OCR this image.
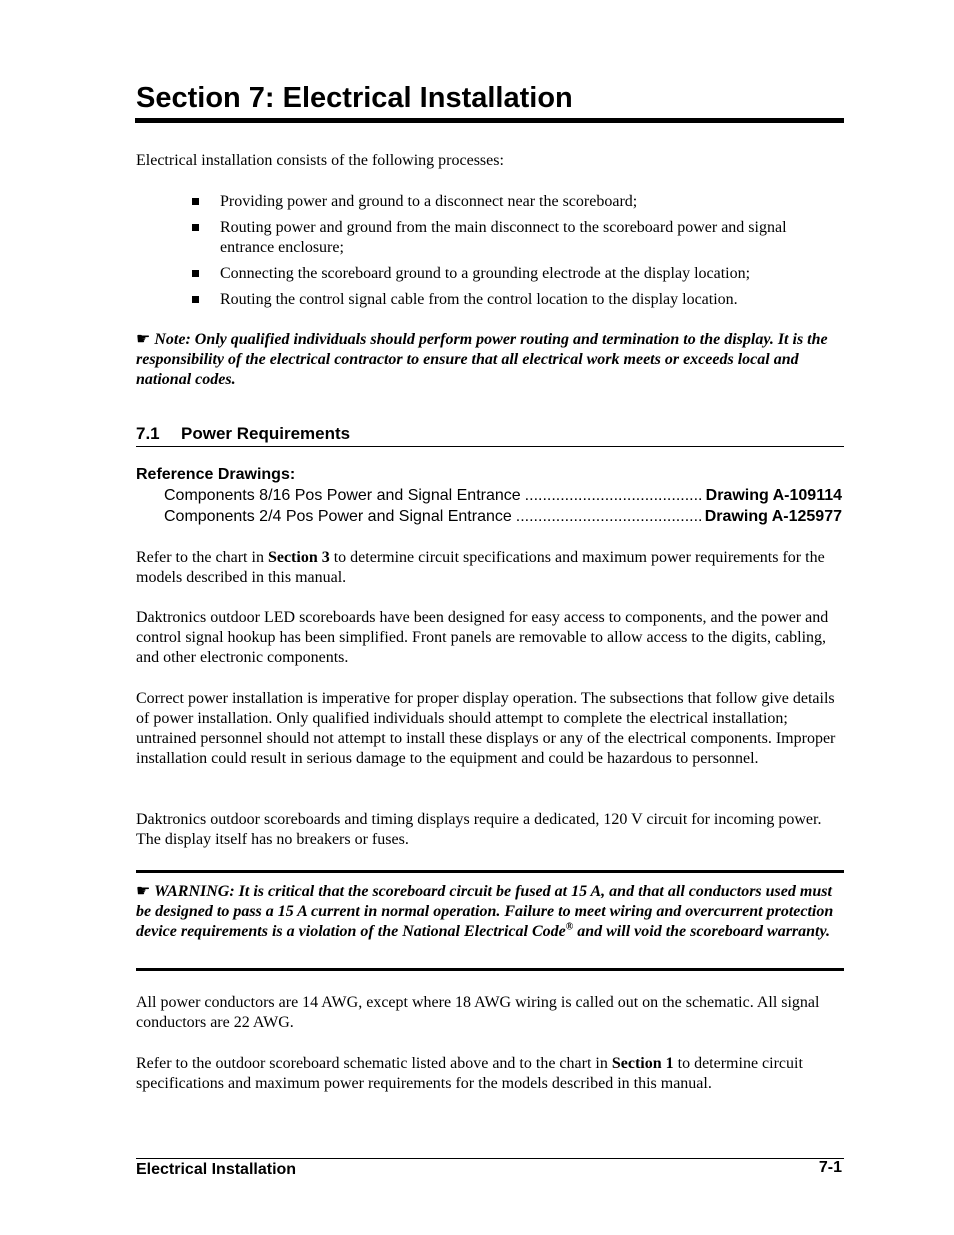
Section 7: Electrical Installation

Electrical installation consists of the following processes:

Providing power and ground to a disconnect near the scoreboard;
Routing power and ground from the main disconnect to the scoreboard power and signal entrance enclosure;
Connecting the scoreboard ground to a grounding electrode at the display location;
Routing the control signal cable from the control location to the display location.

☛ Note: Only qualified individuals should perform power routing and termination to the display. It is the responsibility of the electrical contractor to ensure that all electrical work meets or exceeds local and national codes.

7.1 Power Requirements
Reference Drawings:
Components 8/16 Pos Power and Signal Entrance .....	Drawing A-109114
Components 2/4 Pos Power and Signal Entrance .....	Drawing A-125977

Refer to the chart in Section 3 to determine circuit specifications and maximum power requirements for the models described in this manual.

Daktronics outdoor LED scoreboards have been designed for easy access to components, and the power and control signal hookup has been simplified. Front panels are removable to allow access to the digits, cabling, and other electronic components.

Correct power installation is imperative for proper display operation. The subsections that follow give details of power installation. Only qualified individuals should attempt to complete the electrical installation; untrained personnel should not attempt to install these displays or any of the electrical components. Improper installation could result in serious damage to the equipment and could be hazardous to personnel.

Daktronics outdoor scoreboards and timing displays require a dedicated, 120 V circuit for incoming power. The display itself has no breakers or fuses.

☛ WARNING: It is critical that the scoreboard circuit be fused at 15 A, and that all conductors used must be designed to pass a 15 A current in normal operation. Failure to meet wiring and overcurrent protection device requirements is a violation of the National Electrical Code® and will void the scoreboard warranty.

All power conductors are 14 AWG, except where 18 AWG wiring is called out on the schematic. All signal conductors are 22 AWG.

Refer to the outdoor scoreboard schematic listed above and to the chart in Section 1 to determine circuit specifications and maximum power requirements for the models described in this manual.

Electrical Installation	7-1
